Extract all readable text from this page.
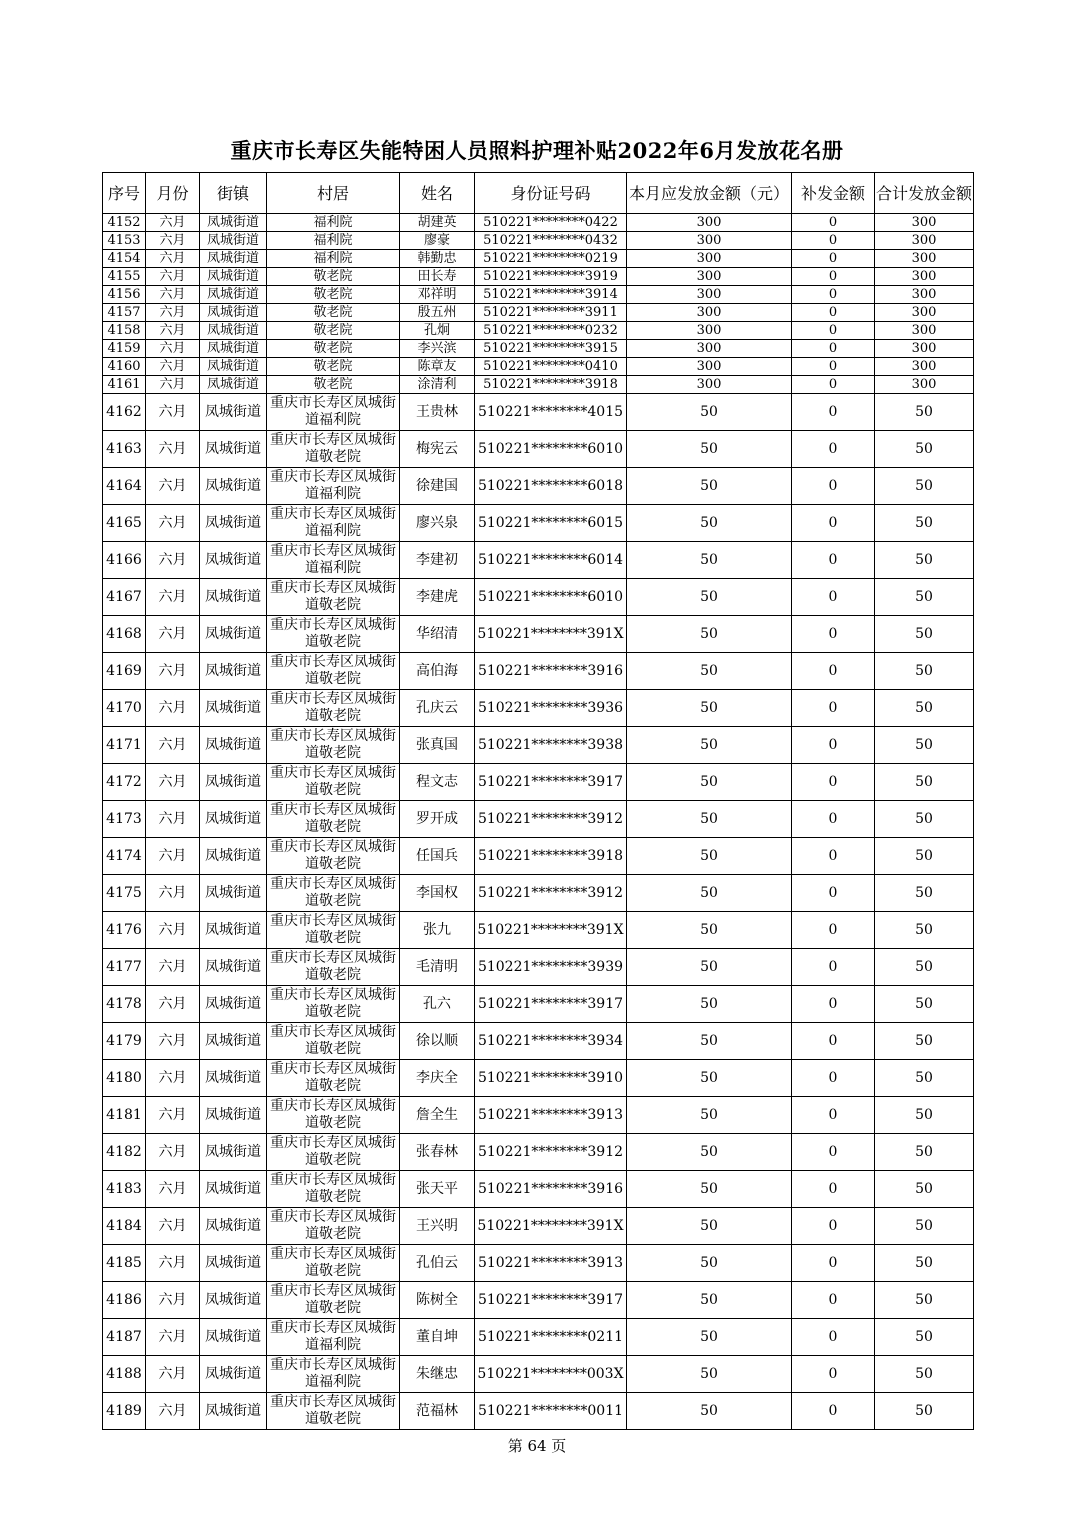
重庆市长寿区失能特困人员照料护理补贴2022年6月发放花名册
序号	月份	街镇	村居	姓名	身份证号码	本月应发放金额（元）	补发金额	合计发放金额
4152	六月	凤城街道	福利院	胡建英	510221********0422	300	0	300
4153	六月	凤城街道	福利院	廖豪	510221********0432	300	0	300
4154	六月	凤城街道	福利院	韩勤忠	510221********0219	300	0	300
4155	六月	凤城街道	敬老院	田长寿	510221********3919	300	0	300
4156	六月	凤城街道	敬老院	邓祥明	510221********3914	300	0	300
4157	六月	凤城街道	敬老院	殷五州	510221********3911	300	0	300
4158	六月	凤城街道	敬老院	孔炯	510221********0232	300	0	300
4159	六月	凤城街道	敬老院	李兴滨	510221********3915	300	0	300
4160	六月	凤城街道	敬老院	陈章友	510221********0410	300	0	300
4161	六月	凤城街道	敬老院	涂清利	510221********3918	300	0	300
4162	六月	凤城街道	重庆市长寿区凤城街道福利院	王贵林	510221********4015	50	0	50
4163	六月	凤城街道	重庆市长寿区凤城街道敬老院	梅宪云	510221********6010	50	0	50
4164	六月	凤城街道	重庆市长寿区凤城街道福利院	徐建国	510221********6018	50	0	50
4165	六月	凤城街道	重庆市长寿区凤城街道福利院	廖兴泉	510221********6015	50	0	50
4166	六月	凤城街道	重庆市长寿区凤城街道福利院	李建初	510221********6014	50	0	50
4167	六月	凤城街道	重庆市长寿区凤城街道敬老院	李建虎	510221********6010	50	0	50
4168	六月	凤城街道	重庆市长寿区凤城街道敬老院	华绍清	510221********391X	50	0	50
4169	六月	凤城街道	重庆市长寿区凤城街道敬老院	高伯海	510221********3916	50	0	50
4170	六月	凤城街道	重庆市长寿区凤城街道敬老院	孔庆云	510221********3936	50	0	50
4171	六月	凤城街道	重庆市长寿区凤城街道敬老院	张真国	510221********3938	50	0	50
4172	六月	凤城街道	重庆市长寿区凤城街道敬老院	程文志	510221********3917	50	0	50
4173	六月	凤城街道	重庆市长寿区凤城街道敬老院	罗开成	510221********3912	50	0	50
4174	六月	凤城街道	重庆市长寿区凤城街道敬老院	任国兵	510221********3918	50	0	50
4175	六月	凤城街道	重庆市长寿区凤城街道敬老院	李国权	510221********3912	50	0	50
4176	六月	凤城街道	重庆市长寿区凤城街道敬老院	张九	510221********391X	50	0	50
4177	六月	凤城街道	重庆市长寿区凤城街道敬老院	毛清明	510221********3939	50	0	50
4178	六月	凤城街道	重庆市长寿区凤城街道敬老院	孔六	510221********3917	50	0	50
4179	六月	凤城街道	重庆市长寿区凤城街道敬老院	徐以顺	510221********3934	50	0	50
4180	六月	凤城街道	重庆市长寿区凤城街道敬老院	李庆全	510221********3910	50	0	50
4181	六月	凤城街道	重庆市长寿区凤城街道敬老院	詹全生	510221********3913	50	0	50
4182	六月	凤城街道	重庆市长寿区凤城街道敬老院	张春林	510221********3912	50	0	50
4183	六月	凤城街道	重庆市长寿区凤城街道敬老院	张天平	510221********3916	50	0	50
4184	六月	凤城街道	重庆市长寿区凤城街道敬老院	王兴明	510221********391X	50	0	50
4185	六月	凤城街道	重庆市长寿区凤城街道敬老院	孔伯云	510221********3913	50	0	50
4186	六月	凤城街道	重庆市长寿区凤城街道敬老院	陈树全	510221********3917	50	0	50
4187	六月	凤城街道	重庆市长寿区凤城街道福利院	董自坤	510221********0211	50	0	50
4188	六月	凤城街道	重庆市长寿区凤城街道福利院	朱继忠	510221********003X	50	0	50
4189	六月	凤城街道	重庆市长寿区凤城街道敬老院	范福林	510221********0011	50	0	50
第 64 页
